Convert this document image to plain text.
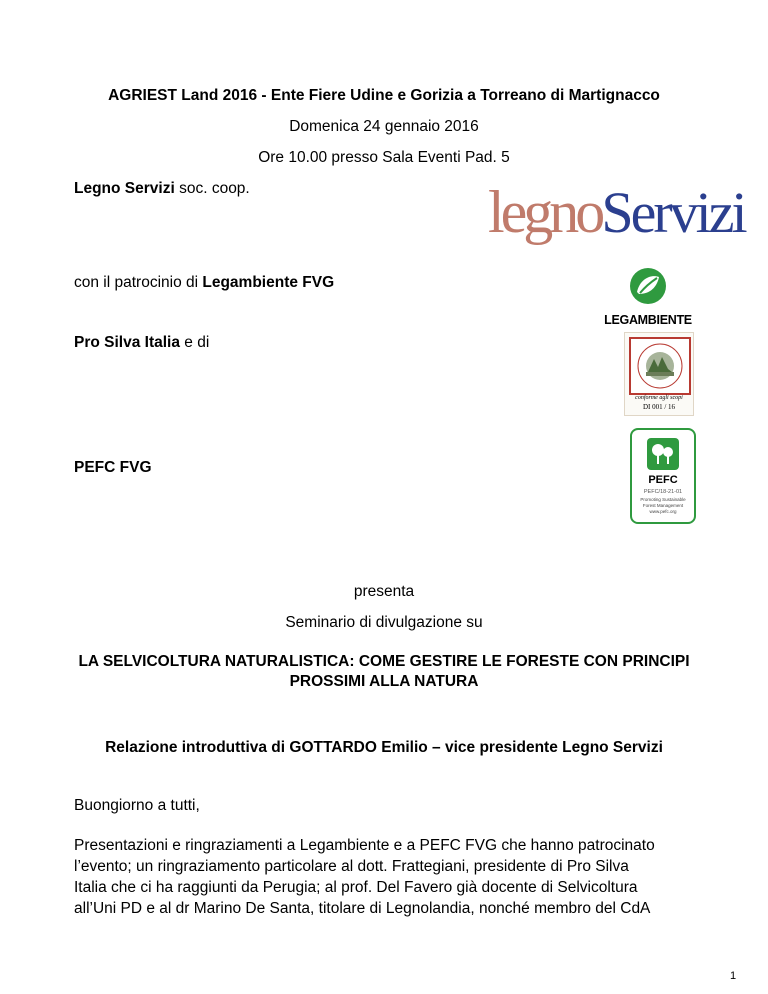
AGRIEST Land 2016 - Ente Fiere Udine e Gorizia a Torreano di Martignacco
Domenica 24 gennaio 2016
Ore 10.00 presso Sala Eventi Pad. 5
Legno Servizi soc. coop.	legnoServizi
con il patrocinio di Legambiente FVG
LEGAMBIENTE
Pro Silva Italia e di
conforme agli scopi
DI 001 / 16
PEFC FVG
PEFC
PEFC/18-21-01
Promoting Sustainable
Forest Management
www.pefc.org
presenta
Seminario di divulgazione su
LA SELVICOLTURA NATURALISTICA: COME GESTIRE LE FORESTE CON PRINCIPI
PROSSIMI ALLA NATURA
Relazione introduttiva di GOTTARDO Emilio – vice presidente Legno Servizi
Buongiorno a tutti,
Presentazioni e ringraziamenti a Legambiente e a PEFC FVG che hanno patrocinato
l’evento; un ringraziamento particolare al dott. Frattegiani, presidente di Pro Silva
Italia che ci ha raggiunti da Perugia; al prof. Del Favero già docente di Selvicoltura
all’Uni PD e al dr Marino De Santa, titolare di Legnolandia, nonché membro del CdA
1
